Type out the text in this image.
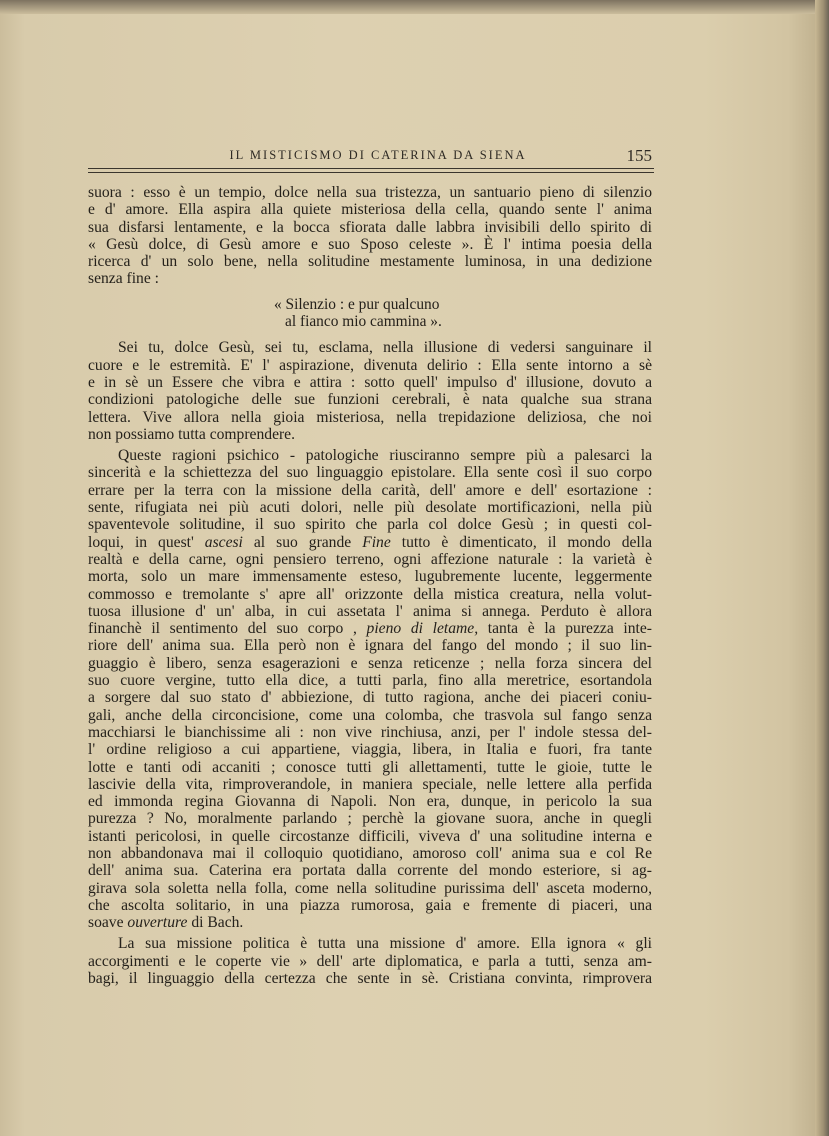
IL MISTICISMO DI CATERINA DA SIENA	155
suora : esso è un tempio, dolce nella sua tristezza, un santuario pieno di silenzio
e d' amore. Ella aspira alla quiete misteriosa della cella, quando sente l' anima
sua disfarsi lentamente, e la bocca sfiorata dalle labbra invisibili dello spirito di
« Gesù dolce, di Gesù amore e suo Sposo celeste ». È l' intima poesia della
ricerca d' un solo bene, nella solitudine mestamente luminosa, in una dedizione
senza fine :
« Silenzio : e pur qualcuno
al fianco mio cammina ».
Sei tu, dolce Gesù, sei tu, esclama, nella illusione di vedersi sanguinare il
cuore e le estremità. E' l' aspirazione, divenuta delirio : Ella sente intorno a sè
e in sè un Essere che vibra e attira : sotto quell' impulso d' illusione, dovuto a
condizioni patologiche delle sue funzioni cerebrali, è nata qualche sua strana
lettera. Vive allora nella gioia misteriosa, nella trepidazione deliziosa, che noi
non possiamo tutta comprendere.
Queste ragioni psichico - patologiche riusciranno sempre più a palesarci la
sincerità e la schiettezza del suo linguaggio epistolare. Ella sente così il suo corpo
errare per la terra con la missione della carità, dell' amore e dell' esortazione :
sente, rifugiata nei più acuti dolori, nelle più desolate mortificazioni, nella più
spaventevole solitudine, il suo spirito che parla col dolce Gesù ; in questi col-
loqui, in quest' ascesi al suo grande Fine tutto è dimenticato, il mondo della
realtà e della carne, ogni pensiero terreno, ogni affezione naturale : la varietà è
morta, solo un mare immensamente esteso, lugubremente lucente, leggermente
commosso e tremolante s' apre all' orizzonte della mistica creatura, nella volut-
tuosa illusione d' un' alba, in cui assetata l' anima si annega. Perduto è allora
financhè il sentimento del suo corpo , pieno di letame, tanta è la purezza inte-
riore dell' anima sua. Ella però non è ignara del fango del mondo ; il suo lin-
guaggio è libero, senza esagerazioni e senza reticenze ; nella forza sincera del
suo cuore vergine, tutto ella dice, a tutti parla, fino alla meretrice, esortandola
a sorgere dal suo stato d' abbiezione, di tutto ragiona, anche dei piaceri coniu-
gali, anche della circoncisione, come una colomba, che trasvola sul fango senza
macchiarsi le bianchissime ali : non vive rinchiusa, anzi, per l' indole stessa del-
l' ordine religioso a cui appartiene, viaggia, libera, in Italia e fuori, fra tante
lotte e tanti odi accaniti ; conosce tutti gli allettamenti, tutte le gioie, tutte le
lascivie della vita, rimproverandole, in maniera speciale, nelle lettere alla perfida
ed immonda regina Giovanna di Napoli. Non era, dunque, in pericolo la sua
purezza ? No, moralmente parlando ; perchè la giovane suora, anche in quegli
istanti pericolosi, in quelle circostanze difficili, viveva d' una solitudine interna e
non abbandonava mai il colloquio quotidiano, amoroso coll' anima sua e col Re
dell' anima sua. Caterina era portata dalla corrente del mondo esteriore, si ag-
girava sola soletta nella folla, come nella solitudine purissima dell' asceta moderno,
che ascolta solitario, in una piazza rumorosa, gaia e fremente di piaceri, una
soave ouverture di Bach.
La sua missione politica è tutta una missione d' amore. Ella ignora « gli
accorgimenti e le coperte vie » dell' arte diplomatica, e parla a tutti, senza am-
bagi, il linguaggio della certezza che sente in sè. Cristiana convinta, rimprovera
